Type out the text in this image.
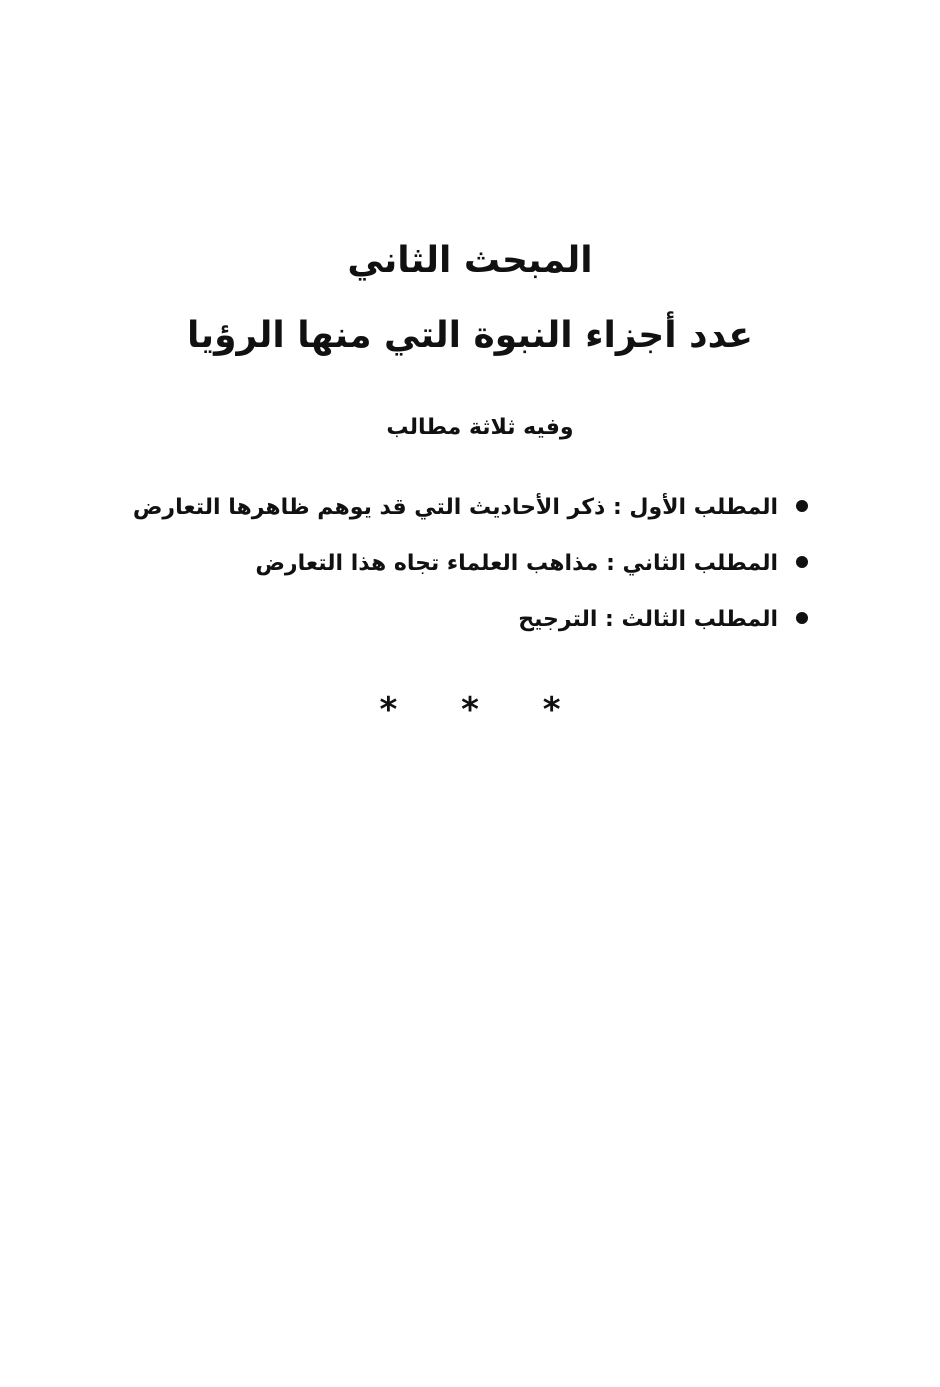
المبحث الثاني
عدد أجزاء النبوة التي منها الرؤيا
وفيه ثلاثة مطالب
المطلب الأول : ذكر الأحاديث التي قد يوهم ظاهرها التعارض
المطلب الثاني : مذاهب العلماء تجاه هذا التعارض
المطلب الثالث : الترجيح
* * *
